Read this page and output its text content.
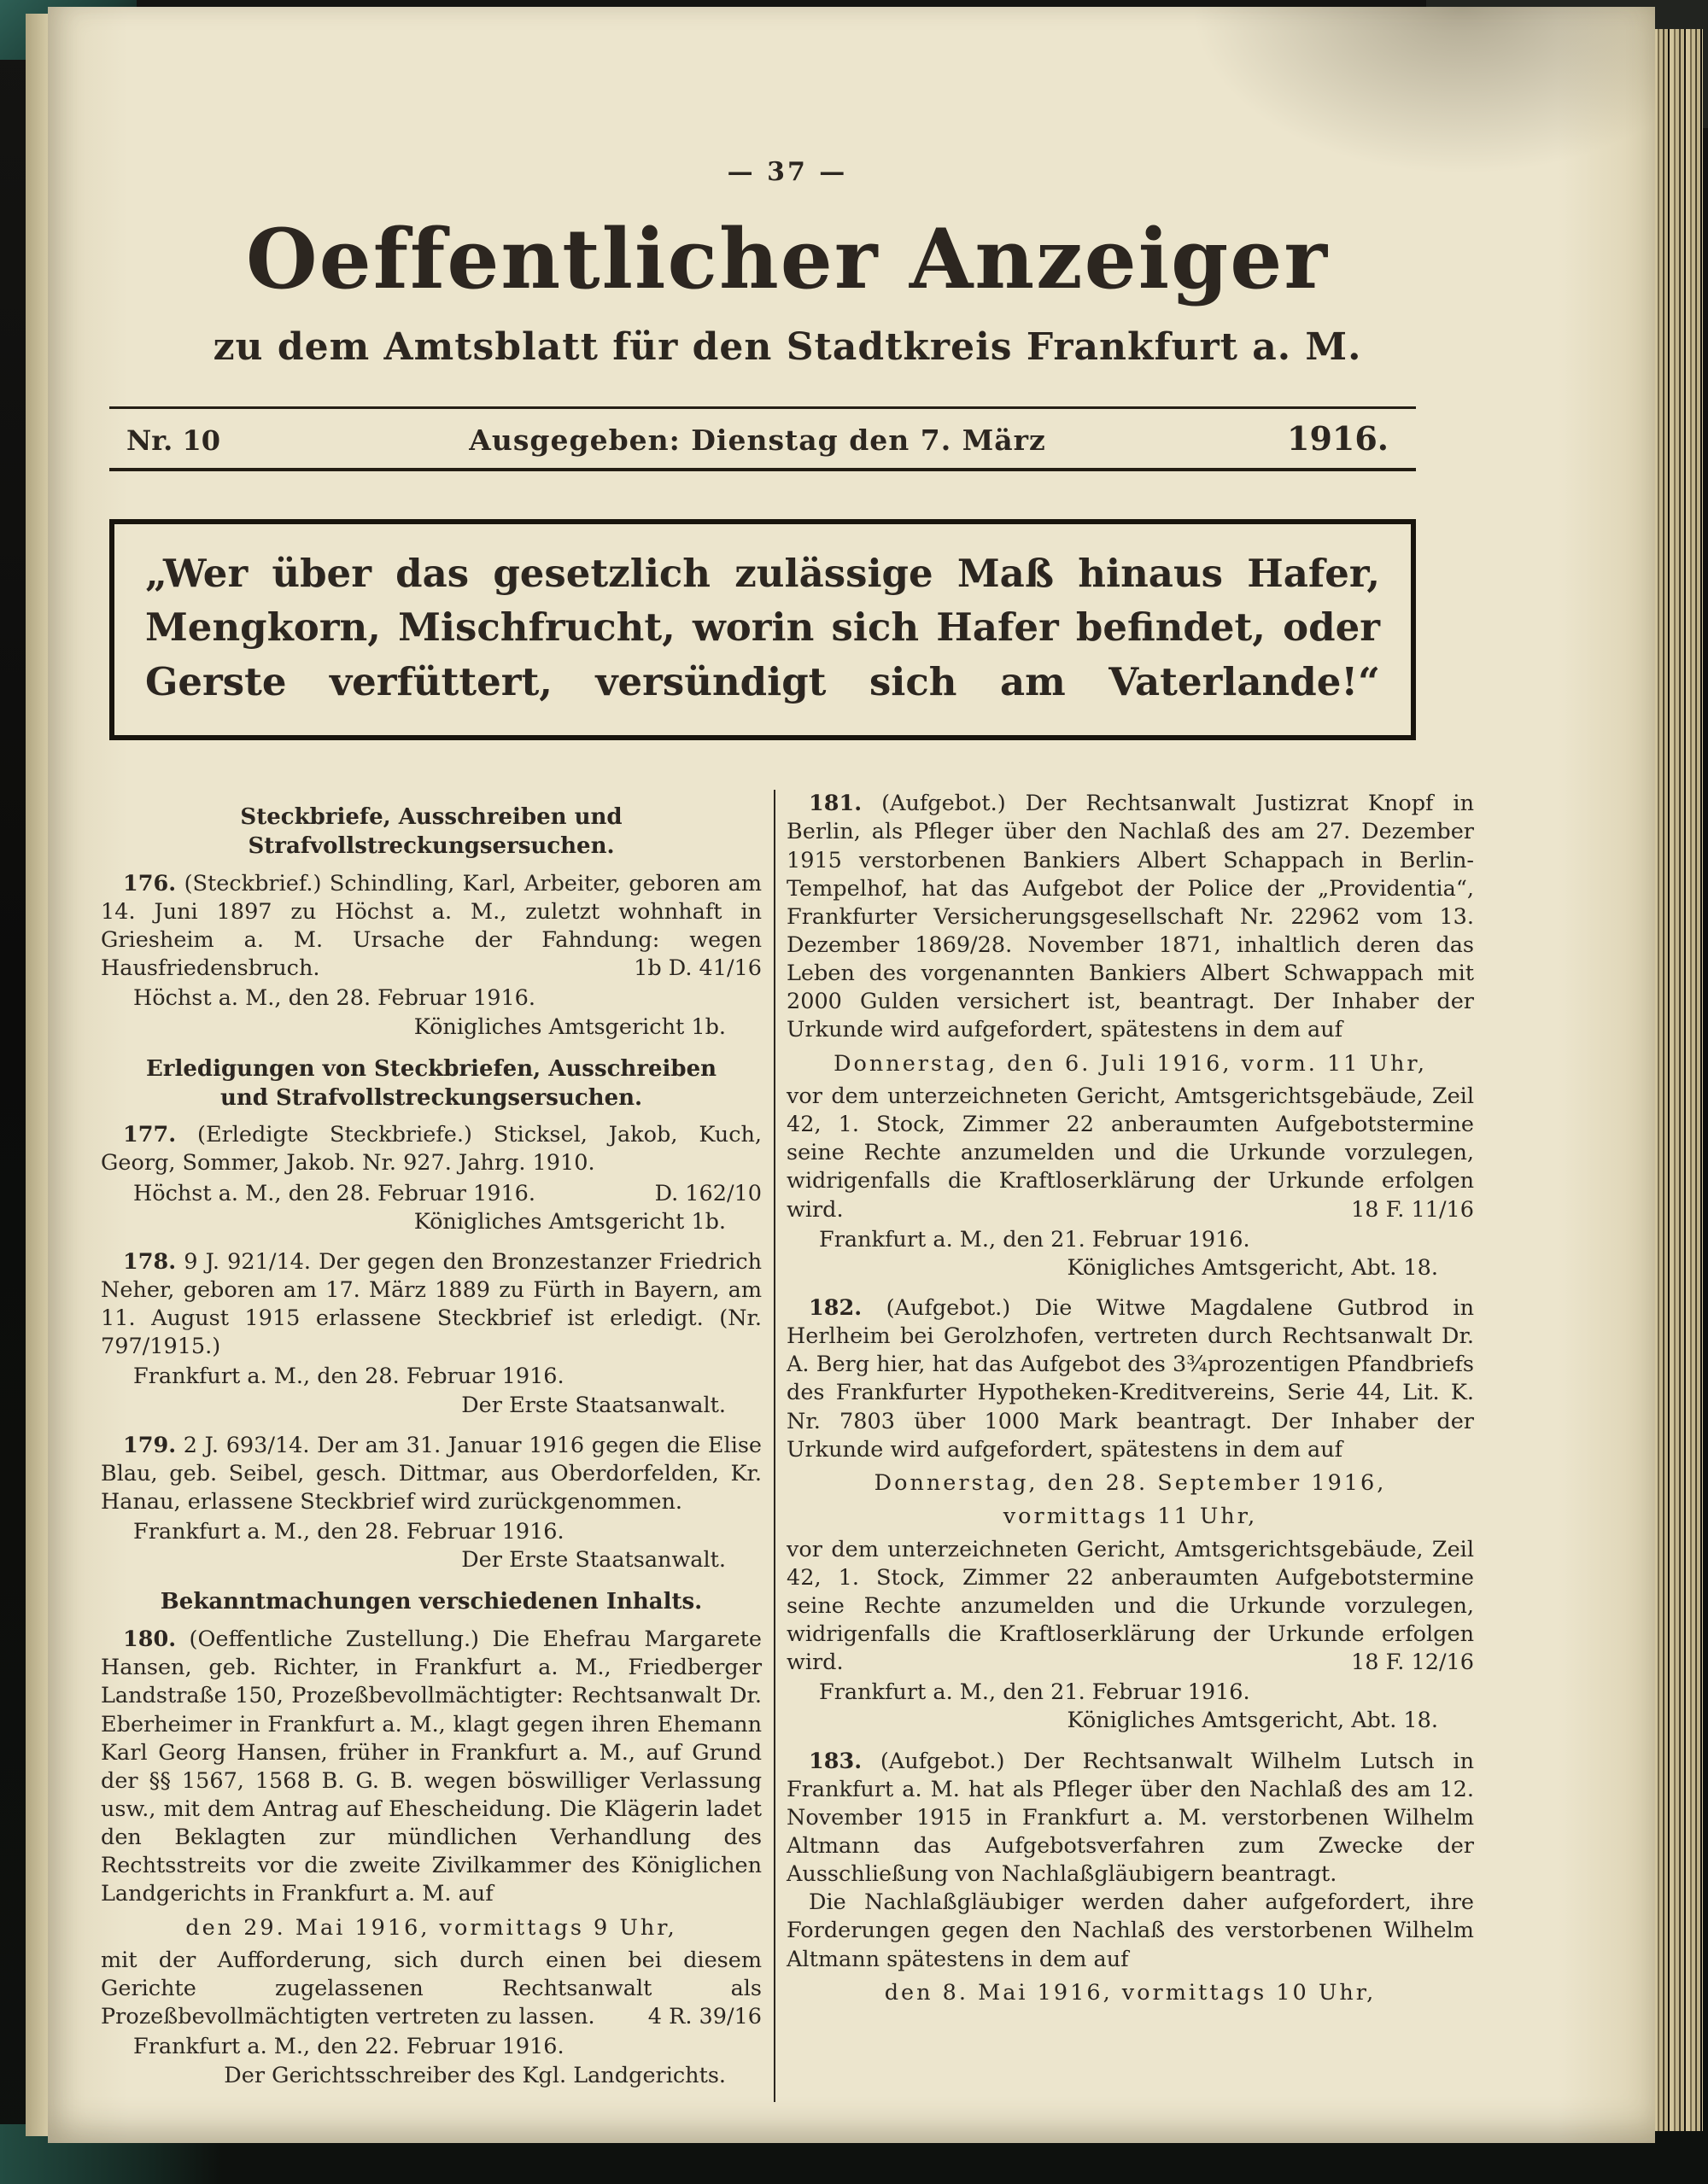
— 37 —
Oeffentlicher Anzeiger
zu dem Amtsblatt für den Stadtkreis Frankfurt a. M.
Nr. 10	Ausgegeben: Dienstag den 7. März	1916.
„Wer über das gesetzlich zulässige Maß hinaus Hafer,
Mengkorn, Mischfrucht, worin sich Hafer befindet, oder
Gerste verfüttert, versündigt sich am Vaterlande!“
Steckbriefe, Ausschreiben und Strafvollstreckungsersuchen.

176. (Steckbrief.) Schindling, Karl, Arbeiter, geboren am 14. Juni 1897 zu Höchst a. M., zuletzt wohnhaft in Griesheim a. M. Ursache der Fahndung: wegen Hausfriedensbruch.	1b D. 41/16

Höchst a. M., den 28. Februar 1916.

Königliches Amtsgericht 1b.

Erledigungen von Steckbriefen, Ausschreiben und Strafvollstreckungsersuchen.

177. (Erledigte Steckbriefe.) Sticksel, Jakob, Kuch, Georg, Sommer, Jakob. Nr. 927. Jahrg. 1910.

Höchst a. M., den 28. Februar 1916.	D. 162/10

Königliches Amtsgericht 1b.

178. 9 J. 921/14. Der gegen den Bronzestanzer Friedrich Neher, geboren am 17. März 1889 zu Fürth in Bayern, am 11. August 1915 erlassene Steckbrief ist erledigt. (Nr. 797/1915.)

Frankfurt a. M., den 28. Februar 1916.

Der Erste Staatsanwalt.

179. 2 J. 693/14. Der am 31. Januar 1916 gegen die Elise Blau, geb. Seibel, gesch. Dittmar, aus Oberdorfelden, Kr. Hanau, erlassene Steckbrief wird zurückgenommen.

Frankfurt a. M., den 28. Februar 1916.

Der Erste Staatsanwalt.

Bekanntmachungen verschiedenen Inhalts.

180. (Oeffentliche Zustellung.) Die Ehefrau Margarete Hansen, geb. Richter, in Frankfurt a. M., Friedberger Landstraße 150, Prozeßbevollmächtigter: Rechtsanwalt Dr. Eberheimer in Frankfurt a. M., klagt gegen ihren Ehemann Karl Georg Hansen, früher in Frankfurt a. M., auf Grund der §§ 1567, 1568 B. G. B. wegen böswilliger Verlassung usw., mit dem Antrag auf Ehescheidung. Die Klägerin ladet den Beklagten zur mündlichen Verhandlung des Rechtsstreits vor die zweite Zivilkammer des Königlichen Landgerichts in Frankfurt a. M. auf

den 29. Mai 1916, vormittags 9 Uhr,

mit der Aufforderung, sich durch einen bei diesem Gerichte zugelassenen Rechtsanwalt als Prozeßbevollmächtigten vertreten zu lassen.	4 R. 39/16

Frankfurt a. M., den 22. Februar 1916.

Der Gerichtsschreiber des Kgl. Landgerichts.

181. (Aufgebot.) Der Rechtsanwalt Justizrat Knopf in Berlin, als Pfleger über den Nachlaß des am 27. Dezember 1915 verstorbenen Bankiers Albert Schappach in Berlin-Tempelhof, hat das Aufgebot der Police der „Providentia“, Frankfurter Versicherungsgesellschaft Nr. 22962 vom 13. Dezember 1869/28. November 1871, inhaltlich deren das Leben des vorgenannten Bankiers Albert Schwappach mit 2000 Gulden versichert ist, beantragt. Der Inhaber der Urkunde wird aufgefordert, spätestens in dem auf

Donnerstag, den 6. Juli 1916, vorm. 11 Uhr,

vor dem unterzeichneten Gericht, Amtsgerichtsgebäude, Zeil 42, 1. Stock, Zimmer 22 anberaumten Aufgebotstermine seine Rechte anzumelden und die Urkunde vorzulegen, widrigenfalls die Kraftloserklärung der Urkunde erfolgen wird.	18 F. 11/16

Frankfurt a. M., den 21. Februar 1916.

Königliches Amtsgericht, Abt. 18.

182. (Aufgebot.) Die Witwe Magdalene Gutbrod in Herlheim bei Gerolzhofen, vertreten durch Rechtsanwalt Dr. A. Berg hier, hat das Aufgebot des 3¾prozentigen Pfandbriefs des Frankfurter Hypotheken-Kreditvereins, Serie 44, Lit. K. Nr. 7803 über 1000 Mark beantragt. Der Inhaber der Urkunde wird aufgefordert, spätestens in dem auf

Donnerstag, den 28. September 1916,

vormittags 11 Uhr,

vor dem unterzeichneten Gericht, Amtsgerichtsgebäude, Zeil 42, 1. Stock, Zimmer 22 anberaumten Aufgebotstermine seine Rechte anzumelden und die Urkunde vorzulegen, widrigenfalls die Kraftloserklärung der Urkunde erfolgen wird.	18 F. 12/16

Frankfurt a. M., den 21. Februar 1916.

Königliches Amtsgericht, Abt. 18.

183. (Aufgebot.) Der Rechtsanwalt Wilhelm Lutsch in Frankfurt a. M. hat als Pfleger über den Nachlaß des am 12. November 1915 in Frankfurt a. M. verstorbenen Wilhelm Altmann das Aufgebotsverfahren zum Zwecke der Ausschließung von Nachlaßgläubigern beantragt.

Die Nachlaßgläubiger werden daher aufgefordert, ihre Forderungen gegen den Nachlaß des verstorbenen Wilhelm Altmann spätestens in dem auf

den 8. Mai 1916, vormittags 10 Uhr,
